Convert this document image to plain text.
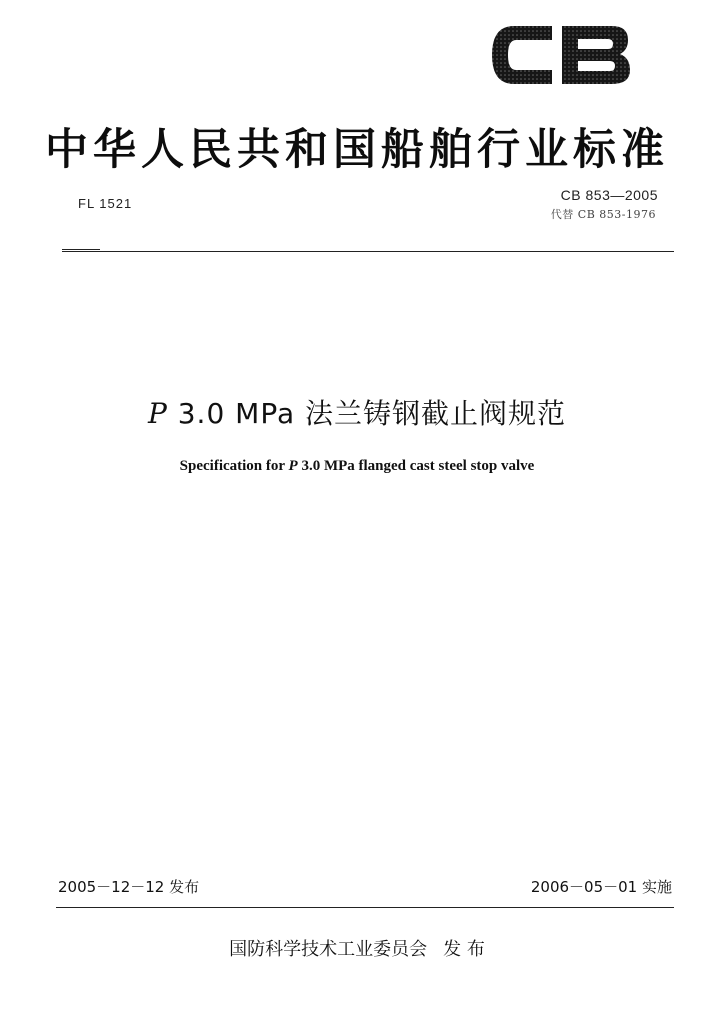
中华人民共和国船舶行业标准
FL 1521
CB 853—2005
代替 CB 853-1976
P 3.0 MPa 法兰铸钢截止阀规范
Specification for P 3.0 MPa flanged cast steel stop valve
2005－12－12 发布	2006－05－01 实施
国防科学技术工业委员会 发 布
